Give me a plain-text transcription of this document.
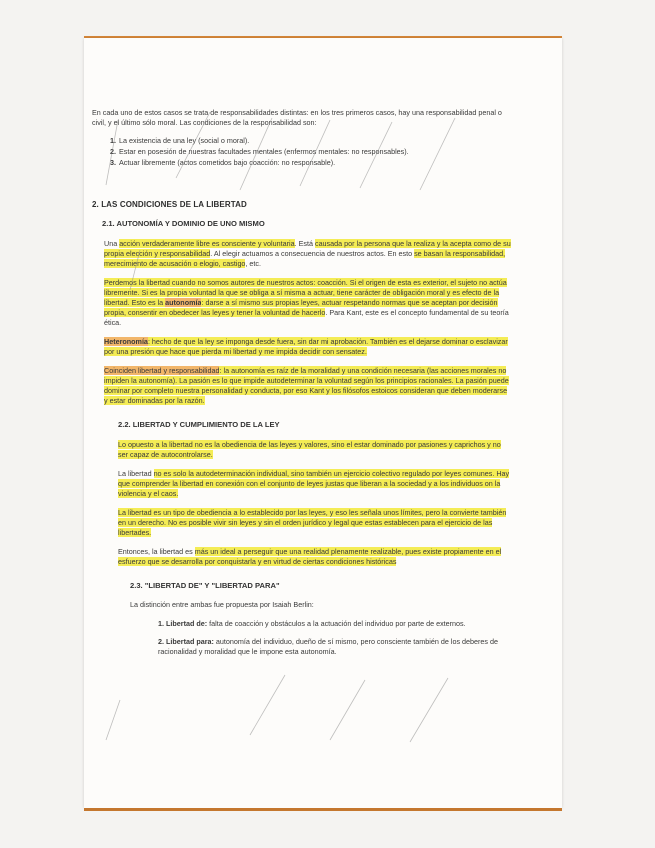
En cada uno de estos casos se trata de responsabilidades distintas: en los tres primeros casos, hay una responsabilidad penal o civil, y el último sólo moral. Las condiciones de la responsabilidad son:

1. La existencia de una ley (social o moral).
2. Estar en posesión de nuestras facultades mentales (enfermos mentales: no responsables).
3. Actuar libremente (actos cometidos bajo coacción: no responsable).
2. LAS CONDICIONES DE LA LIBERTAD
2.1. AUTONOMÍA Y DOMINIO DE UNO MISMO

Una acción verdaderamente libre es consciente y voluntaria. Está causada por la persona que la realiza y la acepta como de su propia elección y responsabilidad. Al elegir actuamos a consecuencia de nuestros actos. En esto se basan la responsabilidad, merecimiento de acusación o elogio, castigo, etc.

Perdemos la libertad cuando no somos autores de nuestros actos: coacción. Si el origen de esta es exterior, el sujeto no actúa libremente. Si es la propia voluntad la que se obliga a sí misma a actuar, tiene carácter de obligación moral y es efecto de la libertad. Esto es la autonomía: darse a sí mismo sus propias leyes, actuar respetando normas que se aceptan por decisión propia, consentir en obedecer las leyes y tener la voluntad de hacerlo. Para Kant, este es el concepto fundamental de su teoría ética.

Heteronomía: hecho de que la ley se imponga desde fuera, sin dar mi aprobación. También es el dejarse dominar o esclavizar por una presión que hace que pierda mi libertad y me impida decidir con sensatez.

Coinciden libertad y responsabilidad: la autonomía es raíz de la moralidad y una condición necesaria (las acciones morales no impiden la autonomía). La pasión es lo que impide autodeterminar la voluntad según los principios racionales. La pasión puede dominar por completo nuestra personalidad y conducta, por eso Kant y los filósofos estoicos consideran que deben moderarse y estar dominadas por la razón.

2.2. LIBERTAD Y CUMPLIMIENTO DE LA LEY

Lo opuesto a la libertad no es la obediencia de las leyes y valores, sino el estar dominado por pasiones y caprichos y no ser capaz de autocontrolarse.

La libertad no es solo la autodeterminación individual, sino también un ejercicio colectivo regulado por leyes comunes. Hay que comprender la libertad en conexión con el conjunto de leyes justas que liberan a la sociedad y a los individuos on la violencia y el caos.

La libertad es un tipo de obediencia a lo establecido por las leyes, y eso les señala unos límites, pero la convierte también en un derecho. No es posible vivir sin leyes y sin el orden jurídico y legal que estas establecen para el ejercicio de las libertades.

Entonces, la libertad es más un ideal a perseguir que una realidad plenamente realizable, pues existe propiamente en el esfuerzo que se desarrolla por conquistarla y en virtud de ciertas condiciones históricas

2.3. "LIBERTAD DE" Y "LIBERTAD PARA"

La distinción entre ambas fue propuesta por Isaiah Berlin:

1. Libertad de: falta de coacción y obstáculos a la actuación del individuo por parte de externos.
2. Libertad para: autonomía del individuo, dueño de sí mismo, pero consciente también de los deberes de racionalidad y moralidad que le impone esta autonomía.
